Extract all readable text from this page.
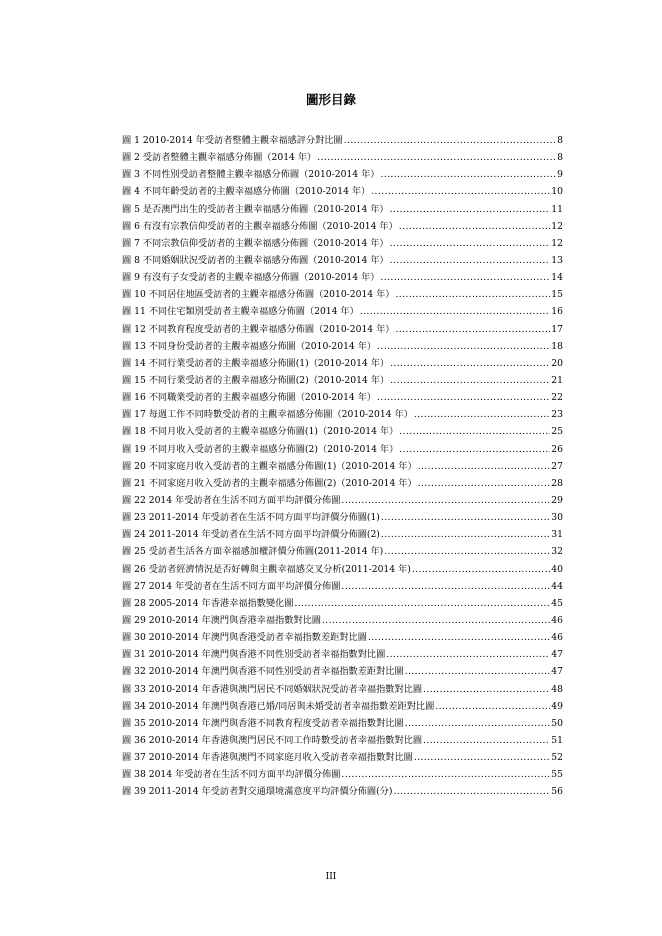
圖形目錄
圖 1 2010-2014 年受訪者整體主觀幸福感評分對比圖 .....	8
圖 2 受訪者整體主觀幸福感分佈圖（2014 年） .....	8
圖 3 不同性別受訪者整體主觀幸福感分佈圖（2010-2014 年） .....	9
圖 4 不同年齡受訪者的主觀幸福感分佈圖（2010-2014 年） .....	10
圖 5 是否澳門出生的受訪者主觀幸福感分佈圖（2010-2014 年） .....	11
圖 6 有沒有宗教信仰受訪者的主觀幸福感分佈圖（2010-2014 年） .....	12
圖 7 不同宗教信仰受訪者的主觀幸福感分佈圖（2010-2014 年） .....	12
圖 8 不同婚姻狀況受訪者的主觀幸福感分佈圖（2010-2014 年） .....	13
圖 9 有沒有子女受訪者的主觀幸福感分佈圖（2010-2014 年） .....	14
圖 10 不同居住地區受訪者的主觀幸福感分佈圖（2010-2014 年） .....	15
圖 11 不同住宅類別受訪者主觀幸福感分佈圖（2014 年） .....	16
圖 12 不同教育程度受訪者的主觀幸福感分佈圖（2010-2014 年） .....	17
圖 13 不同身份受訪者的主觀幸福感分佈圖（2010-2014 年） .....	18
圖 14 不同行業受訪者的主觀幸福感分佈圖(1)（2010-2014 年） .....	20
圖 15 不同行業受訪者的主觀幸福感分佈圖(2)（2010-2014 年） .....	21
圖 16 不同職業受訪者的主觀幸福感分佈圖（2010-2014 年） .....	22
圖 17 每週工作不同時數受訪者的主觀幸福感分佈圖（2010-2014 年） .....	23
圖 18 不同月收入受訪者的主觀幸福感分佈圖(1)（2010-2014 年） .....	25
圖 19 不同月收入受訪者的主觀幸福感分佈圖(2)（2010-2014 年） .....	26
圖 20 不同家庭月收入受訪者的主觀幸福感分佈圖(1)（2010-2014 年） .....	27
圖 21 不同家庭月收入受訪者的主觀幸福感分佈圖(2)（2010-2014 年） .....	28
圖 22 2014 年受訪者在生活不同方面平均評價分佈圖 .....	29
圖 23 2011-2014 年受訪者在生活不同方面平均評價分佈圖(1) .....	30
圖 24 2011-2014 年受訪者在生活不同方面平均評價分佈圖(2) .....	31
圖 25 受訪者生活各方面幸福感加權評價分佈圖(2011-2014 年) .....	32
圖 26 受訪者經濟情況是否好轉與主觀幸福感交叉分析(2011-2014 年) .....	40
圖 27 2014 年受訪者在生活不同方面平均評價分佈圖 .....	44
圖 28 2005-2014 年香港幸福指數變化圖 .....	45
圖 29 2010-2014 年澳門與香港幸福指數對比圖 .....	46
圖 30 2010-2014 年澳門與香港受訪者幸福指數差距對比圖 .....	46
圖 31 2010-2014 年澳門與香港不同性別受訪者幸福指數對比圖 .....	47
圖 32 2010-2014 年澳門與香港不同性別受訪者幸福指數差距對比圖 .....	47
圖 33 2010-2014 年香港與澳門居民不同婚姻狀況受訪者幸福指數對比圖 .....	48
圖 34 2010-2014 年澳門與香港已婚/同居與未婚受訪者幸福指數差距對比圖 .....	49
圖 35 2010-2014 年澳門與香港不同教育程度受訪者幸福指數對比圖 .....	50
圖 36 2010-2014 年香港與澳門居民不同工作時數受訪者幸福指數對比圖 .....	51
圖 37 2010-2014 年香港與澳門不同家庭月收入受訪者幸福指數對比圖 .....	52
圖 38 2014 年受訪者在生活不同方面平均評價分佈圖 .....	55
圖 39 2011-2014 年受訪者對交通環境滿意度平均評價分佈圖(分) .....	56
III
